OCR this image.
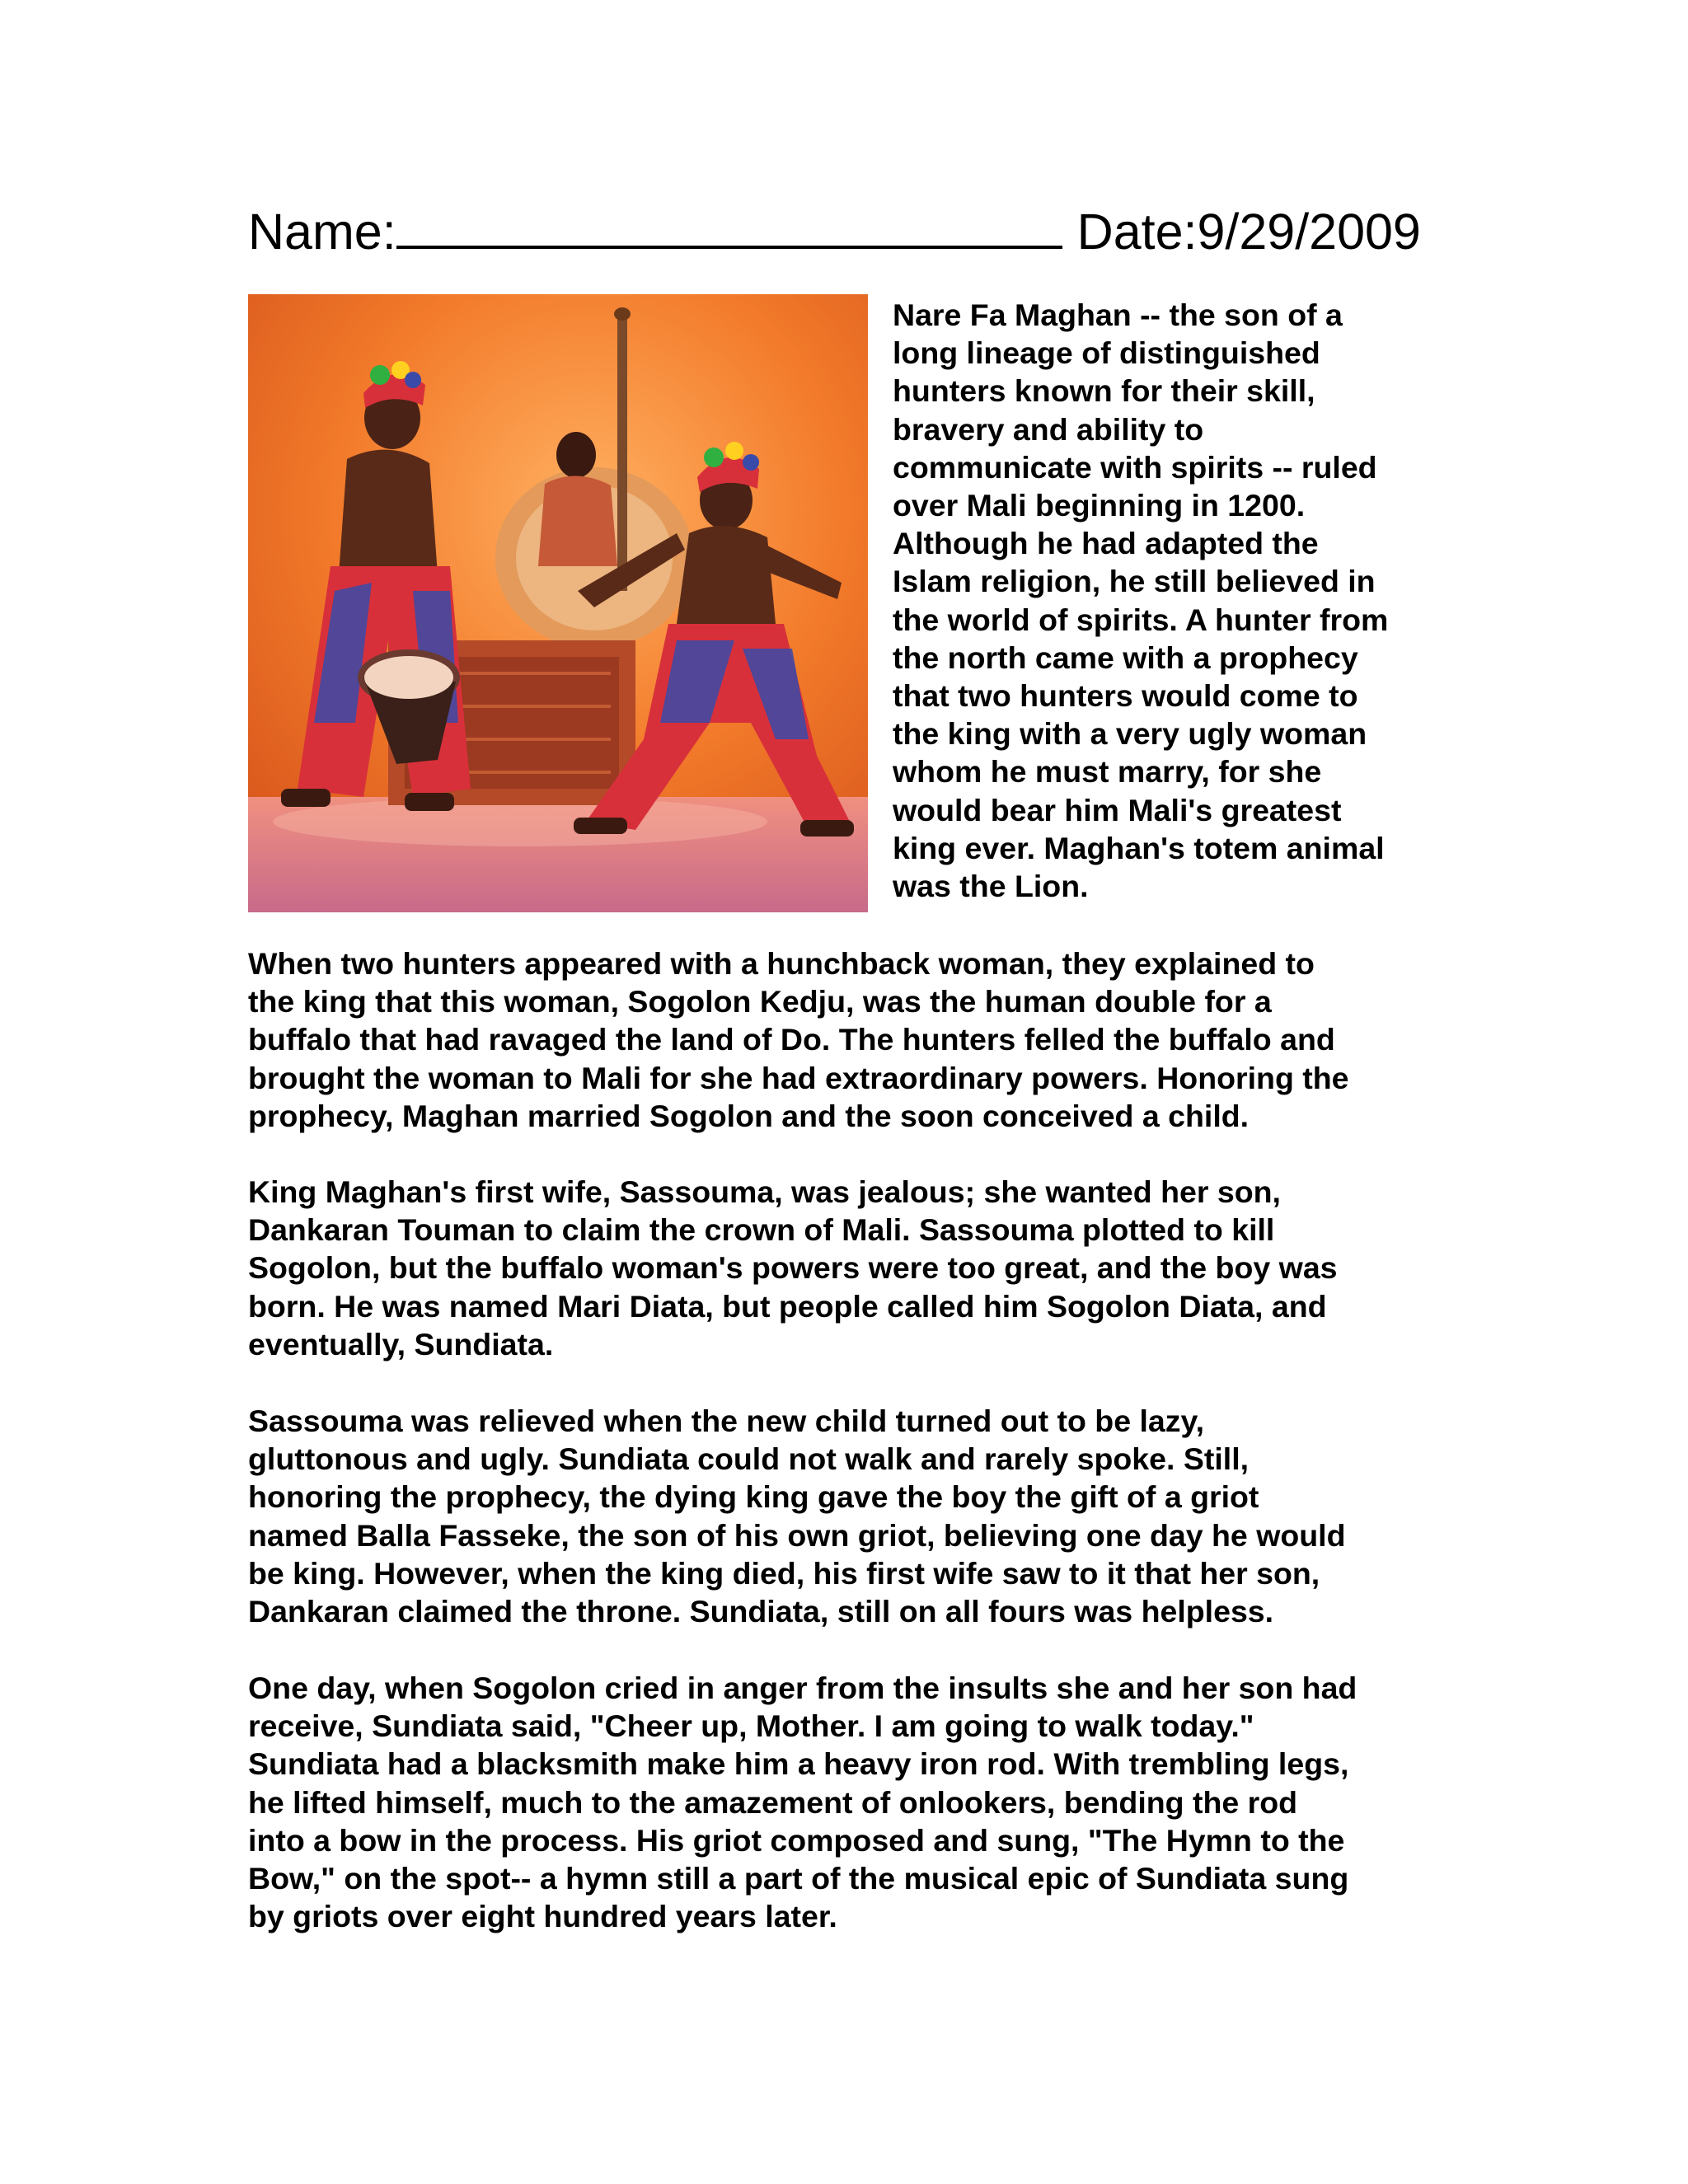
Name:	Date:9/29/2009
Nare Fa Maghan -- the son of a
long lineage of distinguished
hunters known for their skill,
bravery and ability to
communicate with spirits -- ruled
over Mali beginning in 1200.
Although he had adapted the
Islam religion, he still believed in
the world of spirits. A hunter from
the north came with a prophecy
that two hunters would come to
the king with a very ugly woman
whom he must marry, for she
would bear him Mali's greatest
king ever. Maghan's totem animal
was the Lion.
When two hunters appeared with a hunchback woman, they explained to
the king that this woman, Sogolon Kedju, was the human double for a
buffalo that had ravaged the land of Do. The hunters felled the buffalo and
brought the woman to Mali for she had extraordinary powers. Honoring the
prophecy, Maghan married Sogolon and the soon conceived a child.
King Maghan's first wife, Sassouma, was jealous; she wanted her son,
Dankaran Touman to claim the crown of Mali. Sassouma plotted to kill
Sogolon, but the buffalo woman's powers were too great, and the boy was
born. He was named Mari Diata, but people called him Sogolon Diata, and
eventually, Sundiata.
Sassouma was relieved when the new child turned out to be lazy,
gluttonous and ugly. Sundiata could not walk and rarely spoke. Still,
honoring the prophecy, the dying king gave the boy the gift of a griot
named Balla Fasseke, the son of his own griot, believing one day he would
be king. However, when the king died, his first wife saw to it that her son,
Dankaran claimed the throne. Sundiata, still on all fours was helpless.
One day, when Sogolon cried in anger from the insults she and her son had
receive, Sundiata said, "Cheer up, Mother. I am going to walk today."
Sundiata had a blacksmith make him a heavy iron rod. With trembling legs,
he lifted himself, much to the amazement of onlookers, bending the rod
into a bow in the process. His griot composed and sung, "The Hymn to the
Bow," on the spot-- a hymn still a part of the musical epic of Sundiata sung
by griots over eight hundred years later.
